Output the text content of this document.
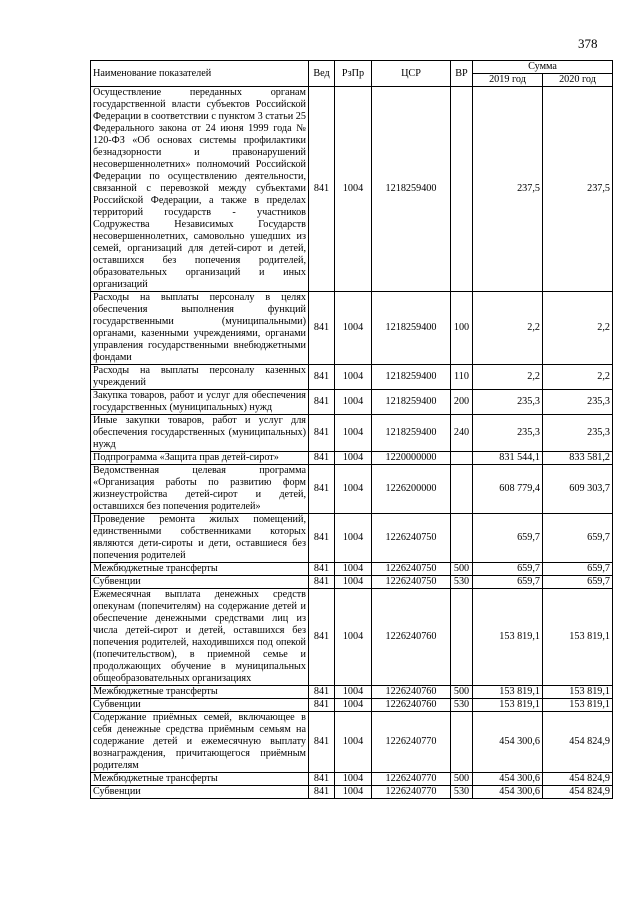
378
Наименование показателей	Вед	РзПр	ЦСР	ВР	Сумма	
					2019 год	2020 год
Осуществление переданных органам государственной власти субъектов Российской Федерации в соответствии с пунктом 3 статьи 25 Федерального закона от 24 июня 1999 года № 120-ФЗ «Об основах системы профилактики безнадзорности и правонарушений несовершеннолетних» полномочий Российской Федерации по осуществлению деятельности, связанной с перевозкой между субъектами Российской Федерации, а также в пределах территорий государств - участников Содружества Независимых Государств несовершеннолетних, самовольно ушедших из семей, организаций для детей-сирот и детей, оставшихся без попечения родителей, образовательных организаций и иных организаций	841	1004	1218259400		237,5	237,5
Расходы на выплаты персоналу в целях обеспечения выполнения функций государственными (муниципальными) органами, казенными учреждениями, органами управления государственными внебюджетными фондами	841	1004	1218259400	100	2,2	2,2
Расходы на выплаты персоналу казенных учреждений	841	1004	1218259400	110	2,2	2,2
Закупка товаров, работ и услуг для обеспечения государственных (муниципальных) нужд	841	1004	1218259400	200	235,3	235,3
Иные закупки товаров, работ и услуг для обеспечения государственных (муниципальных) нужд	841	1004	1218259400	240	235,3	235,3
Подпрограмма «Защита прав детей-сирот»	841	1004	1220000000		831 544,1	833 581,2
Ведомственная целевая программа «Организация работы по развитию форм жизнеустройства детей-сирот и детей, оставшихся без попечения родителей»	841	1004	1226200000		608 779,4	609 303,7
Проведение ремонта жилых помещений, единственными собственниками которых являются дети-сироты и дети, оставшиеся без попечения родителей	841	1004	1226240750		659,7	659,7
Межбюджетные трансферты	841	1004	1226240750	500	659,7	659,7
Субвенции	841	1004	1226240750	530	659,7	659,7
Ежемесячная выплата денежных средств опекунам (попечителям) на содержание детей и обеспечение денежными средствами лиц из числа детей-сирот и детей, оставшихся без попечения родителей, находившихся под опекой (попечительством), в приемной семье и продолжающих обучение в муниципальных общеобразовательных организациях	841	1004	1226240760		153 819,1	153 819,1
Межбюджетные трансферты	841	1004	1226240760	500	153 819,1	153 819,1
Субвенции	841	1004	1226240760	530	153 819,1	153 819,1
Содержание приёмных семей, включающее в себя денежные средства приёмным семьям на содержание детей и ежемесячную выплату вознаграждения, причитающегося приёмным родителям	841	1004	1226240770		454 300,6	454 824,9
Межбюджетные трансферты	841	1004	1226240770	500	454 300,6	454 824,9
Субвенции	841	1004	1226240770	530	454 300,6	454 824,9
